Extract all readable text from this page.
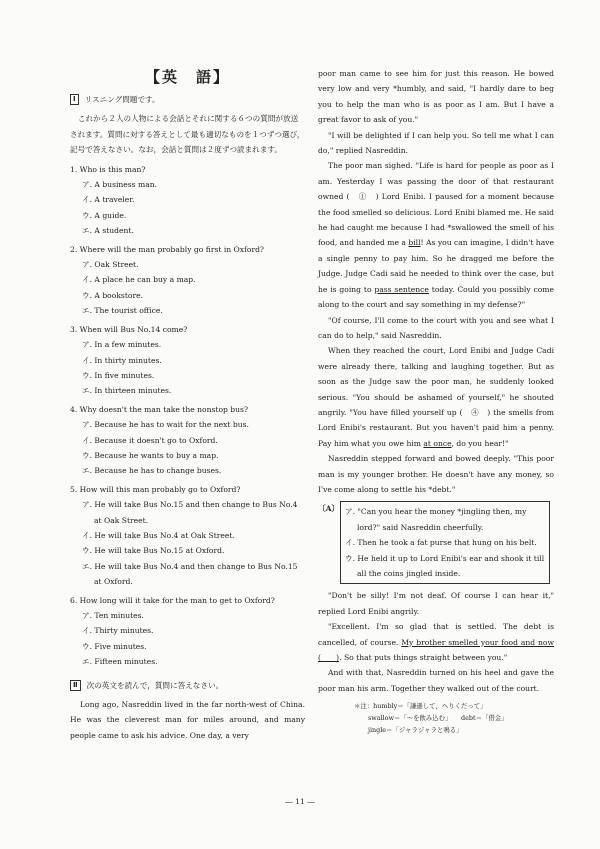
【英　語】
Ⅰ	リスニング問題です。
これから２人の人物による会話とそれに関する６つの質問が放送されます。質問に対する答えとして最も適切なものを１つずつ選び，記号で答えなさい。なお，会話と質問は２度ずつ読まれます。
1. Who is this man?
ア. A business man.
イ. A traveler.
ウ. A guide.
エ. A student.
2. Where will the man probably go first in Oxford?
ア. Oak Street.
イ. A place he can buy a map.
ウ. A bookstore.
エ. The tourist office.
3. When will Bus No.14 come?
ア. In a few minutes.
イ. In thirty minutes.
ウ. In five minutes.
エ. In thirteen minutes.
4. Why doesn't the man take the nonstop bus?
ア. Because he has to wait for the next bus.
イ. Because it doesn't go to Oxford.
ウ. Because he wants to buy a map.
エ. Because he has to change buses.
5. How will this man probably go to Oxford?
ア. He will take Bus No.15 and then change to Bus No.4 at Oak Street.
イ. He will take Bus No.4 at Oak Street.
ウ. He will take Bus No.15 at Oxford.
エ. He will take Bus No.4 and then change to Bus No.15 at Oxford.
6. How long will it take for the man to get to Oxford?
ア. Ten minutes.
イ. Thirty minutes.
ウ. Five minutes.
エ. Fifteen minutes.
Ⅱ	次の英文を読んで，質問に答えなさい。
Long ago, Nasreddin lived in the far north-west of China. He was the cleverest man for miles around, and many people came to ask his advice. One day, a very
poor man came to see him for just this reason. He bowed very low and very *humbly, and said, "I hardly dare to beg you to help the man who is as poor as I am. But I have a great favor to ask of you."
"I will be delighted if I can help you. So tell me what I can do," replied Nasreddin.
The poor man sighed. "Life is hard for people as poor as I am. Yesterday I was passing the door of that restaurant owned (　①　) Lord Enibi. I paused for a moment because the food smelled so delicious. Lord Enibi blamed me. He said he had caught me because I had *swallowed the smell of his food, and handed me a bill! As you can imagine, I didn't have a single penny to pay him. So he dragged me before the Judge. Judge Cadi said he needed to think over the case, but he is going to pass sentence today. Could you possibly come along to the court and say something in my defense?"
"Of course, I'll come to the court with you and see what I can do to help," said Nasreddin.
When they reached the court, Lord Enibi and Judge Cadi were already there, talking and laughing together. But as soon as the Judge saw the poor man, he suddenly looked serious. "You should be ashamed of yourself," he shouted angrily. "You have filled yourself up (　④　) the smells from Lord Enibi's restaurant. But you haven't paid him a penny. Pay him what you owe him at once, do you hear!"
Nasreddin stepped forward and bowed deeply. "This poor man is my younger brother. He doesn't have any money, so I've come along to settle his *debt."
〔A〕 ア. "Can you hear the money *jingling then, my lord?" said Nasreddin cheerfully.
イ. Then he took a fat purse that hung on his belt.
ウ. He held it up to Lord Enibi's ear and shook it till all the coins jingled inside.
"Don't be silly! I'm not deaf. Of course I can hear it," replied Lord Enibi angrily.
"Excellent. I'm so glad that is settled. The debt is cancelled, of course. My brother smelled your food and now (　　). So that puts things straight between you."
And with that, Nasreddin turned on his heel and gave the poor man his arm. Together they walked out of the court.
＊注：humbly＝「謙遜して，へりくだって」
swallow＝「～を飲み込む」　　debt＝「借金」
jingle＝「ジャラジャラと鳴る」
― 11 ―
